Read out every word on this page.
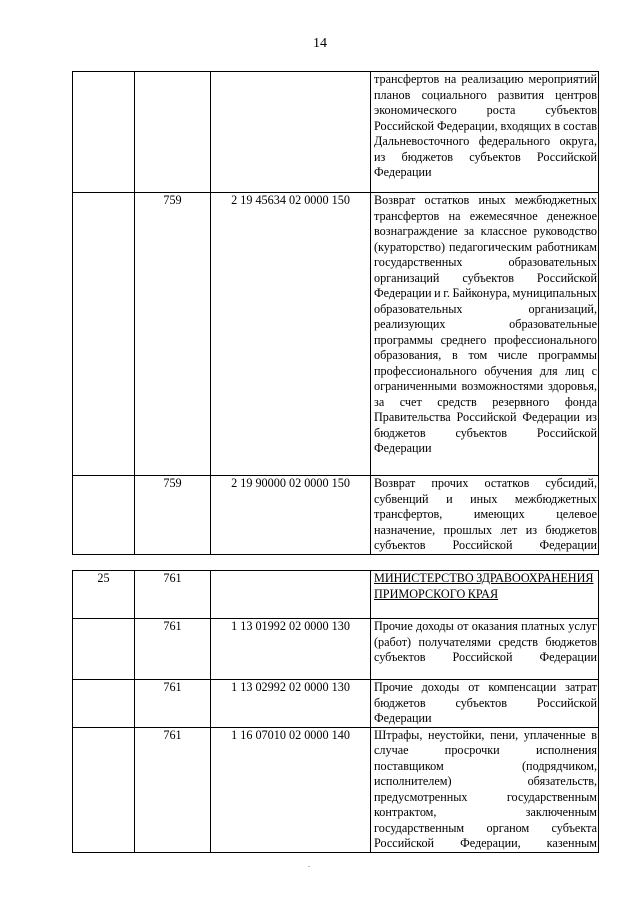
14
			трансфертов на реализацию мероприятий планов социального развития центров экономического роста субъектов Российской Федерации, входящих в состав Дальневосточного федерального округа, из бюджетов субъектов Российской Федерации
	759	2 19 45634 02 0000 150	Возврат остатков иных межбюджетных трансфертов на ежемесячное денежное вознаграждение за классное руководство (кураторство) педагогическим работникам государственных образовательных организаций субъектов Российской Федерации и г. Байконура, муниципальных образовательных организаций, реализующих образовательные программы среднего профессионального образования, в том числе программы профессионального обучения для лиц с ограниченными возможностями здоровья, за счет средств резервного фонда Правительства Российской Федерации из бюджетов субъектов Российской Федерации
	759	2 19 90000 02 0000 150	Возврат прочих остатков субсидий, субвенций и иных межбюджетных трансфертов, имеющих целевое назначение, прошлых лет из бюджетов субъектов Российской Федерации
25	761		МИНИСТЕРСТВО ЗДРАВООХРАНЕНИЯ ПРИМОРСКОГО КРАЯ
	761	1 13 01992 02 0000 130	Прочие доходы от оказания платных услуг (работ) получателями средств бюджетов субъектов Российской Федерации
	761	1 13 02992 02 0000 130	Прочие доходы от компенсации затрат бюджетов субъектов Российской Федерации
	761	1 16 07010 02 0000 140	Штрафы, неустойки, пени, уплаченные в случае просрочки исполнения поставщиком (подрядчиком, исполнителем) обязательств, предусмотренных государственным контрактом, заключенным государственным органом субъекта Российской Федерации, казенным
